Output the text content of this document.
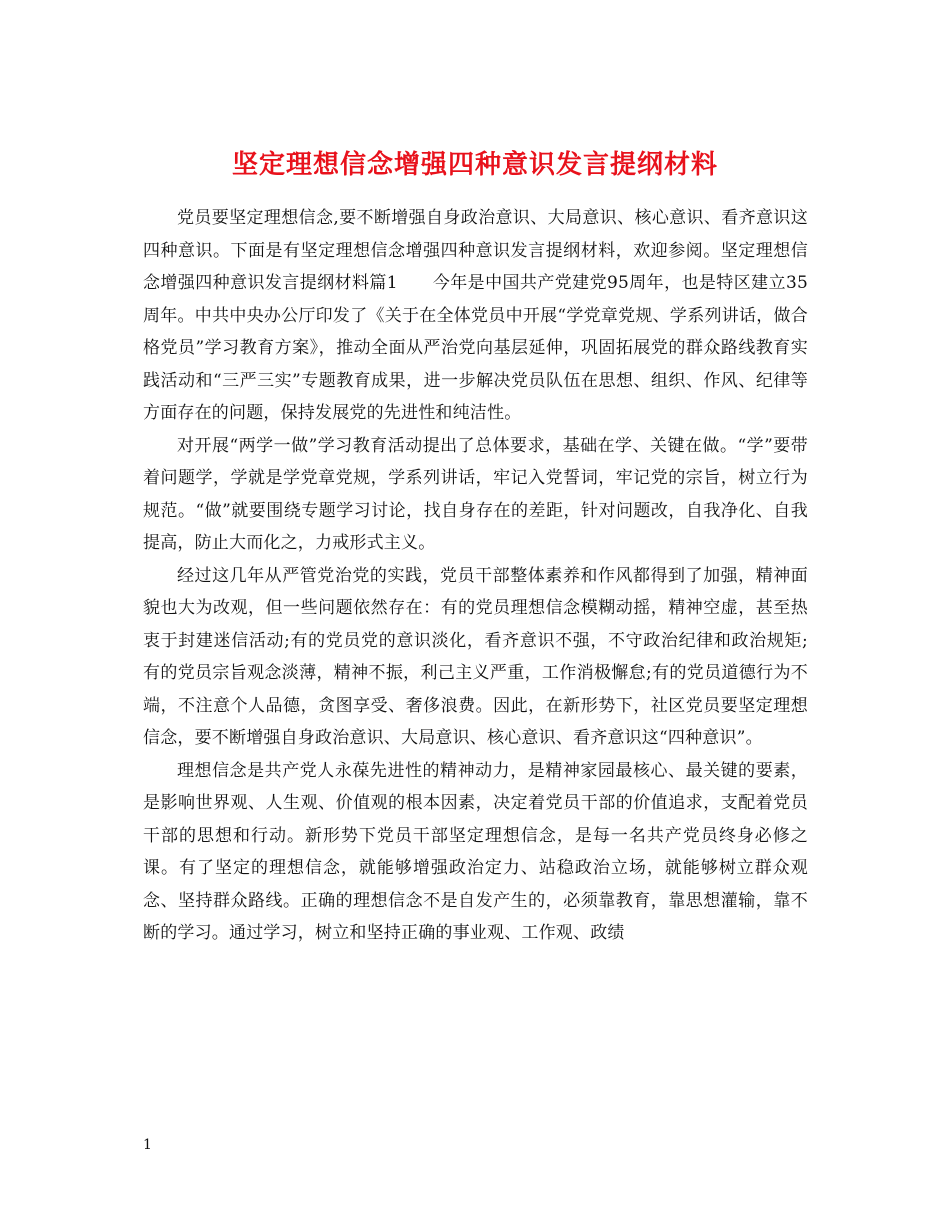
坚定理想信念增强四种意识发言提纲材料

党员要坚定理想信念,要不断增强自身政治意识、大局意识、核心意识、看齐意识这 四种意识。下面是有坚定理想信念增强四种意识发言提纲材料，欢迎参阅。坚定理想信念增强四种意识发言提纲材料篇1　　今年是中国共产党建党95周年，也是特区建立35周年。中共中央办公厅印发了《关于在全体党员中开展“学党章党规、学系列讲话，做合格党员”学习教育方案》，推动全面从严治党向基层延伸，巩固拓展党的群众路线教育实践活动和“三严三实”专题教育成果，进一步解决党员队伍在思想、组织、作风、纪律等方面存在的问题，保持发展党的先进性和纯洁性。

对开展“两学一做”学习教育活动提出了总体要求，基础在学、关键在做。“学”要带着问题学，学就是学党章党规，学系列讲话，牢记入党誓词，牢记党的宗旨，树立行为规范。“做”就要围绕专题学习讨论，找自身存在的差距，针对问题改，自我净化、自我提高，防止大而化之，力戒形式主义。

经过这几年从严管党治党的实践，党员干部整体素养和作风都得到了加强，精神面貌也大为改观，但一些问题依然存在：有的党员理想信念模糊动摇，精神空虚，甚至热衷于封建迷信活动;有的党员党的意识淡化，看齐意识不强，不守政治纪律和政治规矩;有的党员宗旨观念淡薄，精神不振，利己主义严重，工作消极懈怠;有的党员道德行为不端，不注意个人品德，贪图享受、奢侈浪费。因此，在新形势下，社区党员要坚定理想信念，要不断增强自身政治意识、大局意识、核心意识、看齐意识这“四种意识”。

理想信念是共产党人永葆先进性的精神动力，是精神家园最核心、最关键的要素，是影响世界观、人生观、价值观的根本因素，决定着党员干部的价值追求，支配着党员干部的思想和行动。新形势下党员干部坚定理想信念，是每一名共产党员终身必修之课。有了坚定的理想信念，就能够增强政治定力、站稳政治立场，就能够树立群众观念、坚持群众路线。正确的理想信念不是自发产生的，必须靠教育，靠思想灌输，靠不断的学习。通过学习，树立和坚持正确的事业观、工作观、政绩

1
